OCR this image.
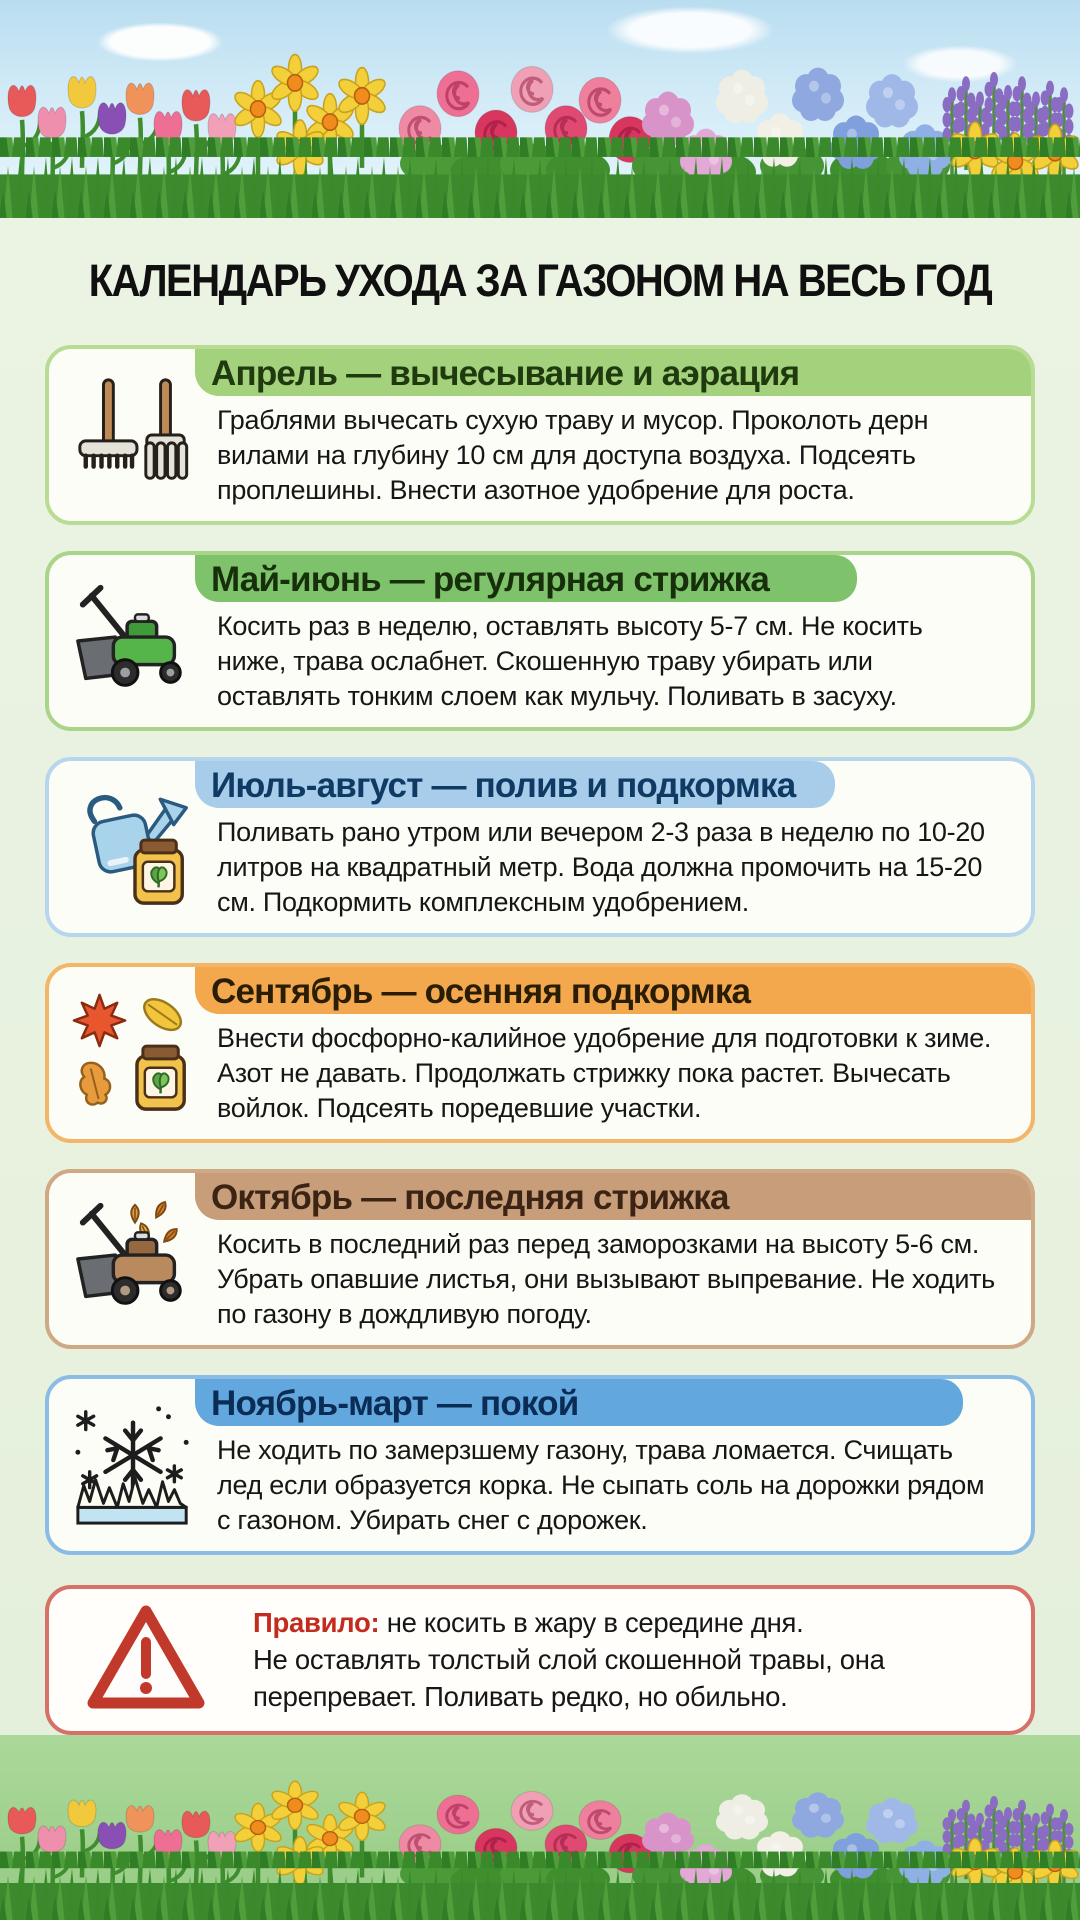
КАЛЕНДАРЬ УХОДА ЗА ГАЗОНОМ НА ВЕСЬ ГОД
Апрель — вычесывание и аэрация

Граблями вычесать сухую траву и мусор. Проколоть дерн вилами на глубину 10 см для доступа воздуха. Подсеять проплешины. Внести азотное удобрение для роста.

Май-июнь — регулярная стрижка

Косить раз в неделю, оставлять высоту 5-7 см. Не косить ниже, трава ослабнет. Скошенную траву убирать или оставлять тонким слоем как мульчу. Поливать в засуху.

Июль-август — полив и подкормка

Поливать рано утром или вечером 2-3 раза в неделю по 10-20 литров на квадратный метр. Вода должна промочить на 15-20 см. Подкормить комплексным удобрением.

Сентябрь — осенняя подкормка

Внести фосфорно-калийное удобрение для подготовки к зиме. Азот не давать. Продолжать стрижку пока растет. Вычесать войлок. Подсеять поредевшие участки.

Октябрь — последняя стрижка

Косить в последний раз перед заморозками на высоту 5-6 см. Убрать опавшие листья, они вызывают выпревание. Не ходить по газону в дождливую погоду.

Ноябрь-март — покой

Не ходить по замерзшему газону, трава ломается. Счищать лед если образуется корка. Не сыпать соль на дорожки рядом с газоном. Убирать снег с дорожек.

Правило: не косить в жару в середине дня.
Не оставлять толстый слой скошенной травы, она перепревает. Поливать редко, но обильно.
